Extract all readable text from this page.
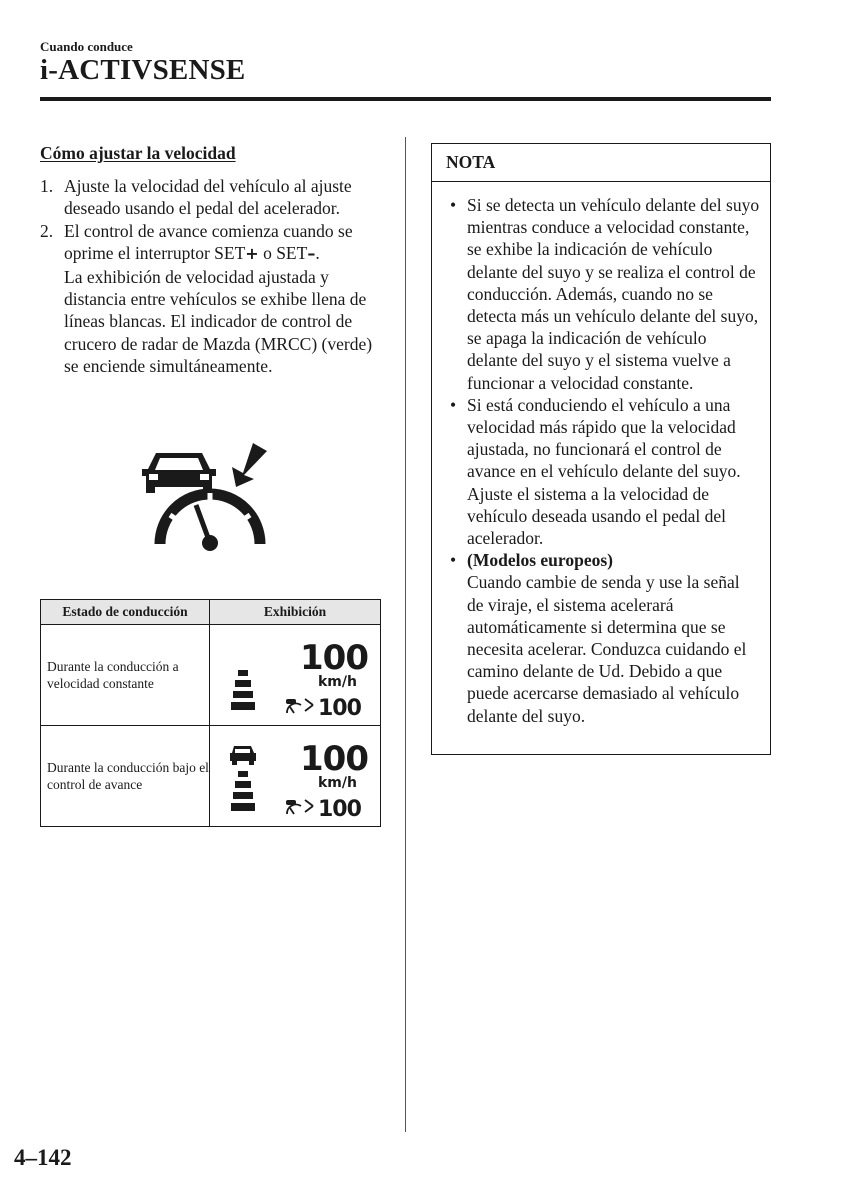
Cuando conduce
i-ACTIVSENSE
Cómo ajustar la velocidad
1. Ajuste la velocidad del vehículo al ajuste deseado usando el pedal del acelerador.
2. El control de avance comienza cuando se oprime el interruptor SET+ o SET–.

La exhibición de velocidad ajustada y distancia entre vehículos se exhibe llena de líneas blancas. El indicador de control de crucero de radar de Mazda (MRCC) (verde) se enciende simultáneamente.

Estado de conducción	Exhibición
Durante la conducción a velocidad constante	100
km/h
100

Durante la conducción bajo el control de avance	100
km/h
100
NOTA
• Si se detecta un vehículo delante del suyo mientras conduce a velocidad constante, se exhibe la indicación de vehículo delante del suyo y se realiza el control de conducción. Además, cuando no se detecta más un vehículo delante del suyo, se apaga la indicación de vehículo delante del suyo y el sistema vuelve a funcionar a velocidad constante.
• Si está conduciendo el vehículo a una velocidad más rápido que la velocidad ajustada, no funcionará el control de avance en el vehículo delante del suyo. Ajuste el sistema a la velocidad de vehículo deseada usando el pedal del acelerador.
• (Modelos europeos)

Cuando cambie de senda y use la señal de viraje, el sistema acelerará automáticamente si determina que se necesita acelerar. Conduzca cuidando el camino delante de Ud. Debido a que puede acercarse demasiado al vehículo delante del suyo.

4–142
